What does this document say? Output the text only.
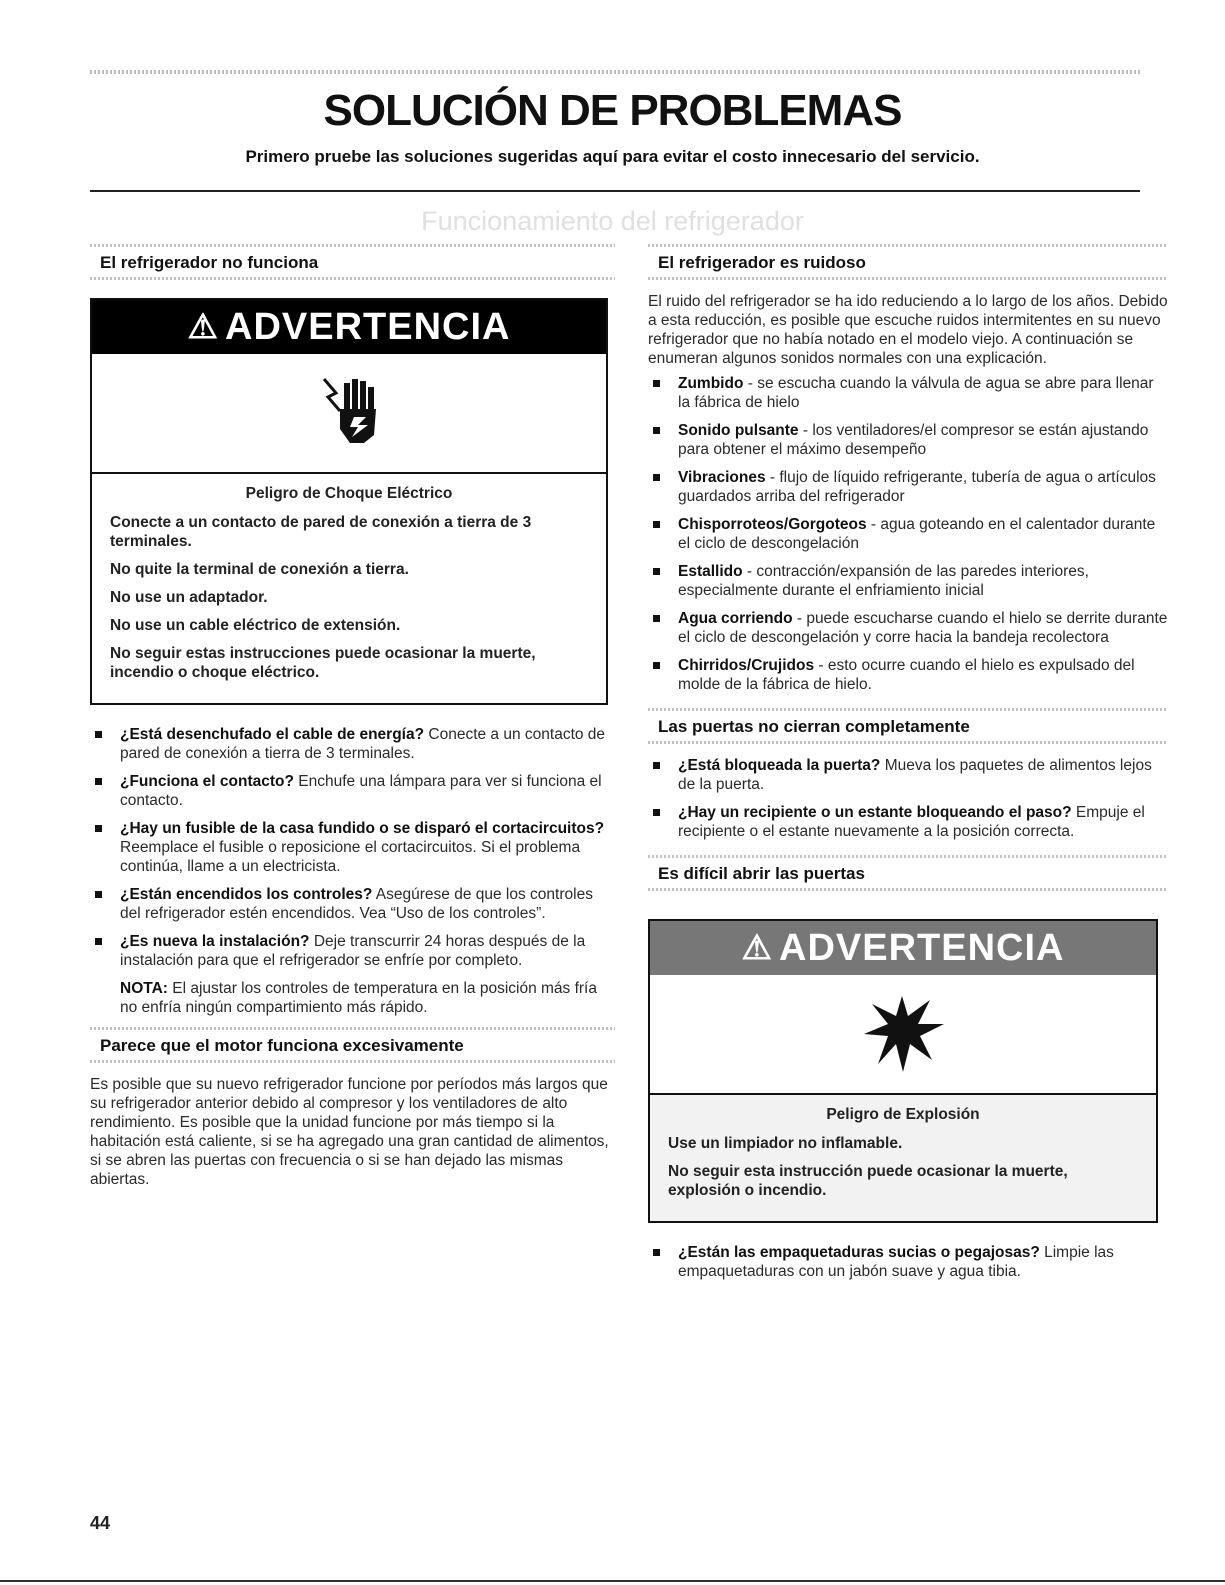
SOLUCIÓN DE PROBLEMAS

Primero pruebe las soluciones sugeridas aquí para evitar el costo innecesario del servicio.

Funcionamiento del refrigerador
El refrigerador no funciona
⚠ ADVERTENCIA

Peligro de Choque Eléctrico

Conecte a un contacto de pared de conexión a tierra de 3 terminales.

No quite la terminal de conexión a tierra.

No use un adaptador.

No use un cable eléctrico de extensión.

No seguir estas instrucciones puede ocasionar la muerte, incendio o choque eléctrico.

¿Está desenchufado el cable de energía? Conecte a un contacto de pared de conexión a tierra de 3 terminales.
¿Funciona el contacto? Enchufe una lámpara para ver si funciona el contacto.
¿Hay un fusible de la casa fundido o se disparó el cortacircuitos? Reemplace el fusible o reposicione el cortacircuitos. Si el problema continúa, llame a un electricista.
¿Están encendidos los controles? Asegúrese de que los controles del refrigerador estén encendidos. Vea “Uso de los controles”.
¿Es nueva la instalación? Deje transcurrir 24 horas después de la instalación para que el refrigerador se enfríe por completo.
NOTA: El ajustar los controles de temperatura en la posición más fría no enfría ningún compartimiento más rápido.
Parece que el motor funciona excesivamente

Es posible que su nuevo refrigerador funcione por períodos más largos que su refrigerador anterior debido al compresor y los ventiladores de alto rendimiento. Es posible que la unidad funcione por más tiempo si la habitación está caliente, si se ha agregado una gran cantidad de alimentos, si se abren las puertas con frecuencia o si se han dejado las mismas abiertas.

El refrigerador es ruidoso

El ruido del refrigerador se ha ido reduciendo a lo largo de los años. Debido a esta reducción, es posible que escuche ruidos intermitentes en su nuevo refrigerador que no había notado en el modelo viejo. A continuación se enumeran algunos sonidos normales con una explicación.

Zumbido - se escucha cuando la válvula de agua se abre para llenar la fábrica de hielo
Sonido pulsante - los ventiladores/el compresor se están ajustando para obtener el máximo desempeño
Vibraciones - flujo de líquido refrigerante, tubería de agua o artículos guardados arriba del refrigerador
Chisporroteos/Gorgoteos - agua goteando en el calentador durante el ciclo de descongelación
Estallido - contracción/expansión de las paredes interiores, especialmente durante el enfriamiento inicial
Agua corriendo - puede escucharse cuando el hielo se derrite durante el ciclo de descongelación y corre hacia la bandeja recolectora
Chirridos/Crujidos - esto ocurre cuando el hielo es expulsado del molde de la fábrica de hielo.
Las puertas no cierran completamente
¿Está bloqueada la puerta? Mueva los paquetes de alimentos lejos de la puerta.
¿Hay un recipiente o un estante bloqueando el paso? Empuje el recipiente o el estante nuevamente a la posición correcta.
Es difícil abrir las puertas
⚠ ADVERTENCIA

Peligro de Explosión

Use un limpiador no inflamable.

No seguir esta instrucción puede ocasionar la muerte, explosión o incendio.

¿Están las empaquetaduras sucias o pegajosas? Limpie las empaquetaduras con un jabón suave y agua tibia.
44
